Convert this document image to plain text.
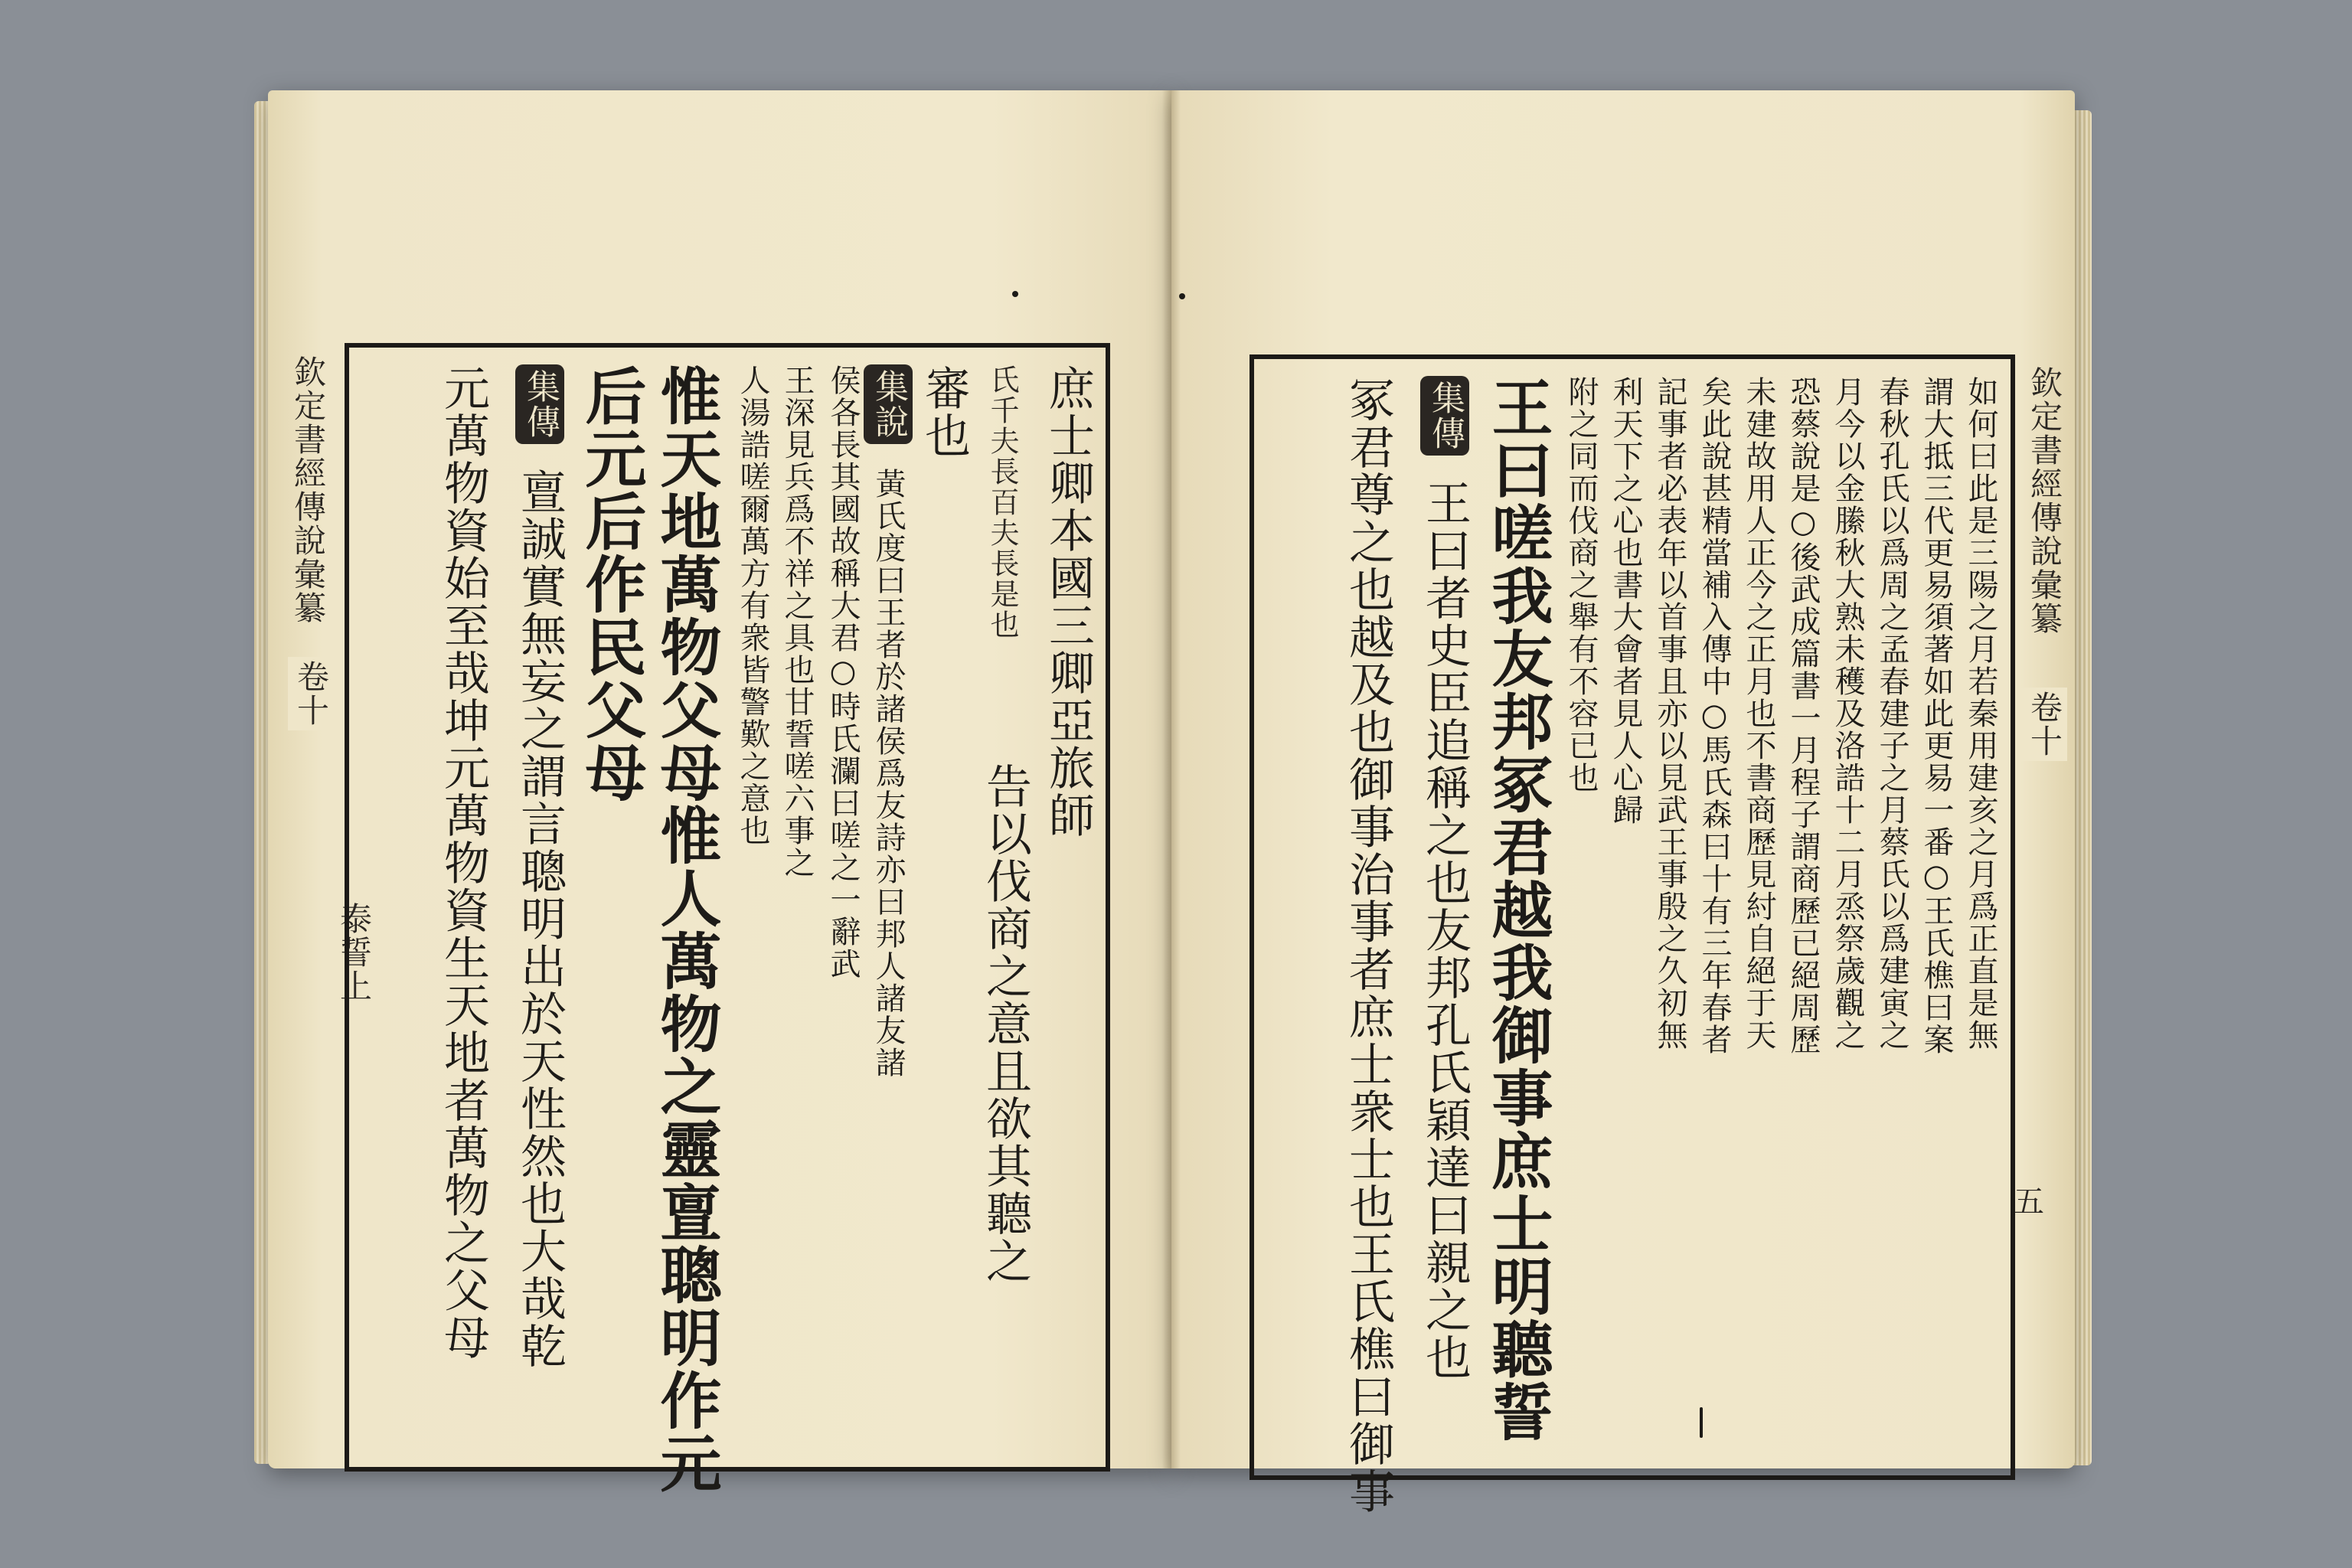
欽定書經傳說彙纂
卷十
泰誓上
庶士卿本國三卿亞旅師
氏千夫長百夫長是也
告以伐商之意且欲其聽之
審也
集說 黃氏度曰王者於諸侯爲友詩亦曰邦人諸友諸
侯各長其國故稱大君○時氏瀾曰嗟之一辭武
王深見兵爲不祥之具也甘誓嗟六事之
人湯誥嗟爾萬方有衆皆警歎之意也
惟天地萬物父母惟人萬物之靈亶聰明作元
后元后作民父母
集傳 亶誠實無妄之謂言聰明出於天性然也大哉乾
元萬物資始至哉坤元萬物資生天地者萬物之父母	欽定書經傳說彙纂
卷十
五
如何曰此是三陽之月若秦用建亥之月爲正直是無
謂大抵三代更易須著如此更易一番○王氏樵曰案
春秋孔氏以爲周之孟春建子之月蔡氏以爲建寅之
月今以金縢秋大熟未穫及洛誥十二月烝祭歲觀之
恐蔡說是○後武成篇書一月程子謂商歷已絕周歷
未建故用人正今之正月也不書商歷見紂自絕于天
矣此說甚精當補入傳中○馬氏森曰十有三年春者
記事者必表年以首事且亦以見武王事殷之久初無
利天下之心也書大會者見人心歸
附之同而伐商之舉有不容已也
王曰嗟我友邦冢君越我御事庶士明聽誓
集傳 王曰者史臣追稱之也友邦孔氏穎達曰親之也
冢君尊之也越及也御事治事者庶士衆士也王氏樵曰御事
